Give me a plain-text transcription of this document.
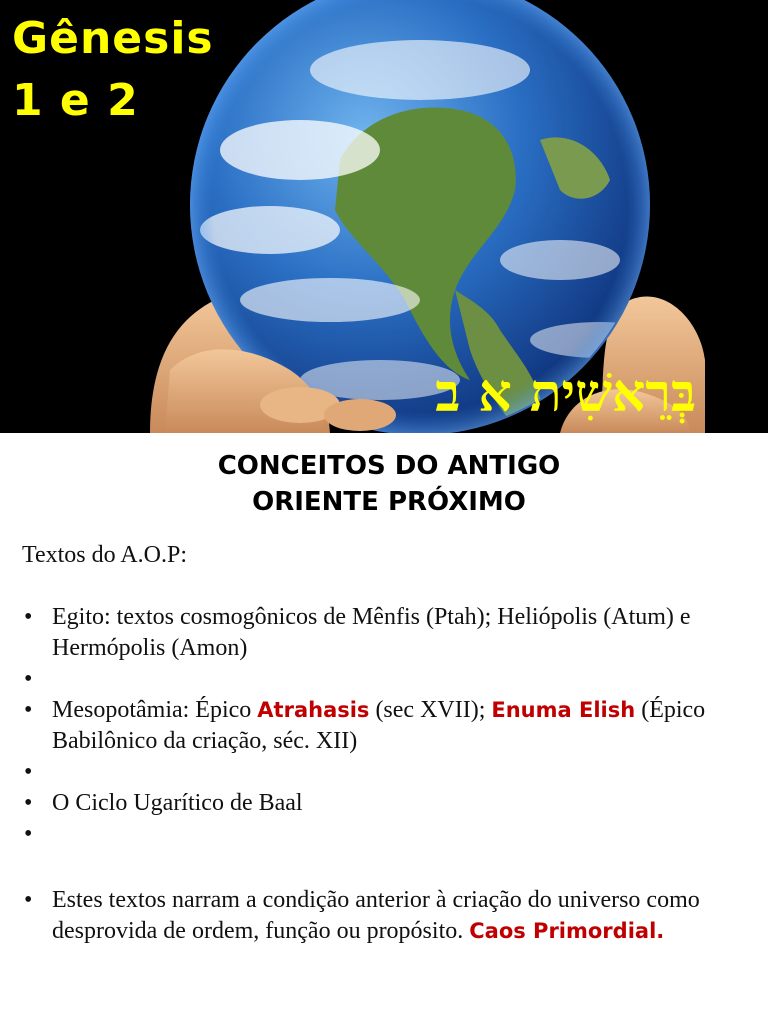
Gênesis
1 e 2
בְּרֵאשִׁית א ב
CONCEITOS DO ANTIGO
ORIENTE PRÓXIMO

Textos do A.O.P:

• Egito: textos cosmogônicos de Mênfis (Ptah); Heliópolis (Atum) e Hermópolis (Amon)
•
• Mesopotâmia: Épico Atrahasis (sec XVII); Enuma Elish (Épico Babilônico da criação, séc. XII)
•
• O Ciclo Ugarítico de Baal
•
• Estes textos narram a condição anterior à criação do universo como desprovida de ordem, função ou propósito. Caos Primordial.
